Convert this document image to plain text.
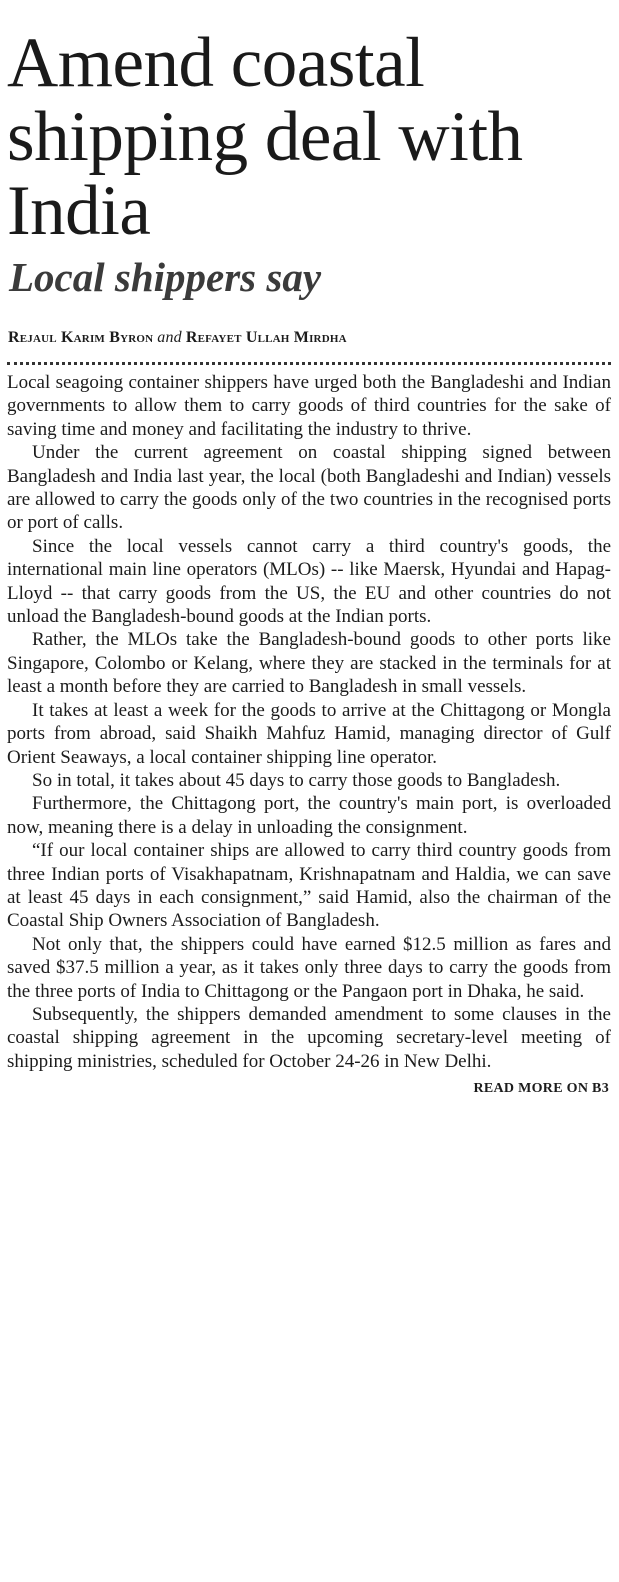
Amend coastal shipping deal with India
Local shippers say
Rejaul Karim Byron and Refayet Ullah Mirdha

Local seagoing container shippers have urged both the Bangladeshi and Indian governments to allow them to carry goods of third countries for the sake of saving time and money and facilitating the industry to thrive.

Under the current agreement on coastal shipping signed between Bangladesh and India last year, the local (both Bangladeshi and Indian) vessels are allowed to carry the goods only of the two countries in the recognised ports or port of calls.

Since the local vessels cannot carry a third country's goods, the international main line operators (MLOs) -- like Maersk, Hyundai and Hapag-Lloyd -- that carry goods from the US, the EU and other countries do not unload the Bangladesh-bound goods at the Indian ports.

Rather, the MLOs take the Bangladesh-bound goods to other ports like Singapore, Colombo or Kelang, where they are stacked in the terminals for at least a month before they are carried to Bangladesh in small vessels.

It takes at least a week for the goods to arrive at the Chittagong or Mongla ports from abroad, said Shaikh Mahfuz Hamid, managing director of Gulf Orient Seaways, a local container shipping line operator.

So in total, it takes about 45 days to carry those goods to Bangladesh.

Furthermore, the Chittagong port, the country's main port, is overloaded now, meaning there is a delay in unloading the consignment.

“If our local container ships are allowed to carry third country goods from three Indian ports of Visakhapatnam, Krishnapatnam and Haldia, we can save at least 45 days in each consignment,” said Hamid, also the chairman of the Coastal Ship Owners Association of Bangladesh.

Not only that, the shippers could have earned $12.5 million as fares and saved $37.5 million a year, as it takes only three days to carry the goods from the three ports of India to Chittagong or the Pangaon port in Dhaka, he said.

Subsequently, the shippers demanded amendment to some clauses in the coastal shipping agreement in the upcoming secretary-level meeting of shipping ministries, scheduled for October 24-26 in New Delhi.

READ MORE ON B3
